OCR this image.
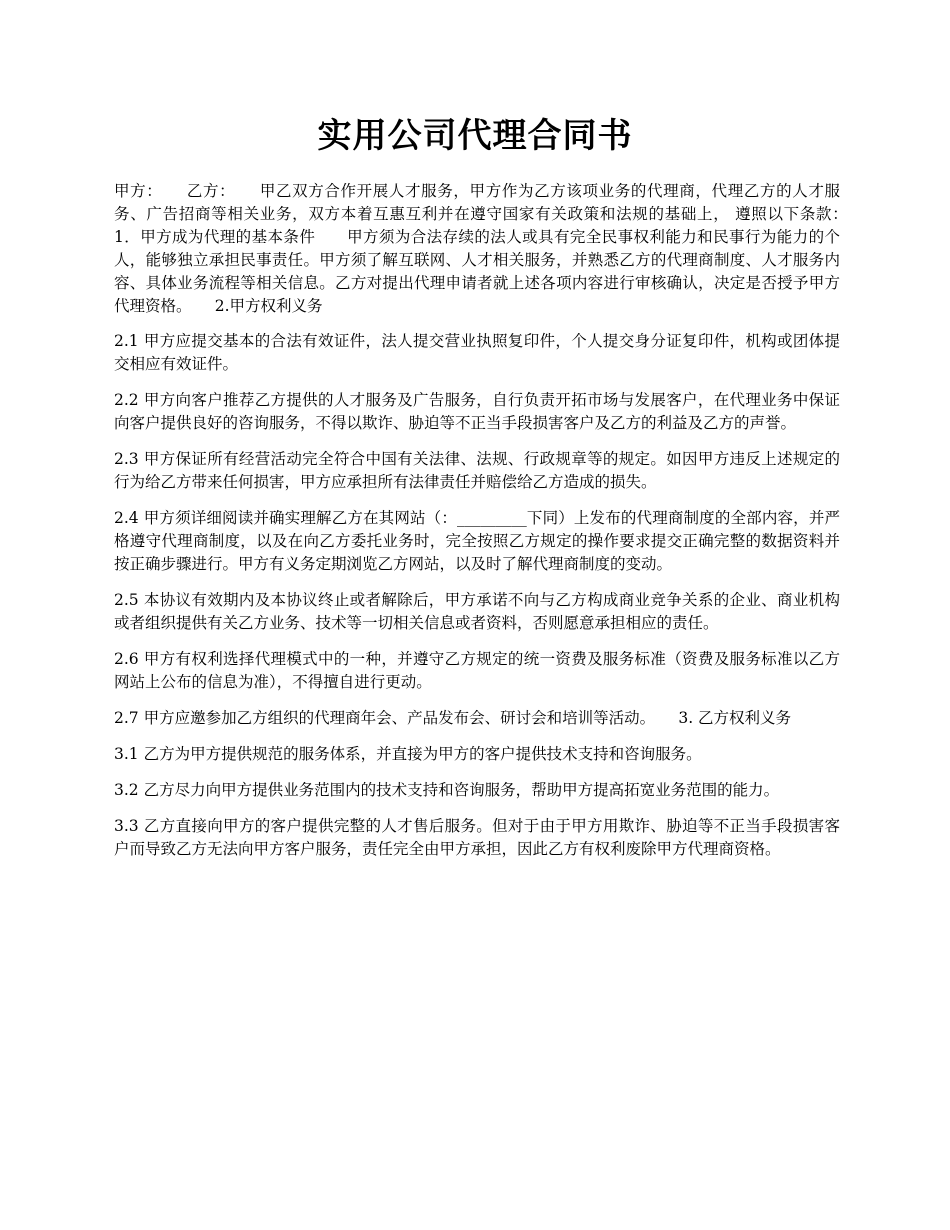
实用公司代理合同书

甲方：　　乙方：　　甲乙双方合作开展人才服务，甲方作为乙方该项业务的代理商，代理乙方的人才服务、广告招商等相关业务，双方本着互惠互利并在遵守国家有关政策和法规的基础上， 遵照以下条款：　　1．甲方成为代理的基本条件　　甲方须为合法存续的法人或具有完全民事权利能力和民事行为能力的个人，能够独立承担民事责任。甲方须了解互联网、人才相关服务，并熟悉乙方的代理商制度、人才服务内容、具体业务流程等相关信息。乙方对提出代理申请者就上述各项内容进行审核确认，决定是否授予甲方代理资格。　　2.甲方权利义务

2.1 甲方应提交基本的合法有效证件，法人提交营业执照复印件，个人提交身分证复印件，机构或团体提交相应有效证件。

2.2 甲方向客户推荐乙方提供的人才服务及广告服务，自行负责开拓市场与发展客户，在代理业务中保证向客户提供良好的咨询服务，不得以欺诈、胁迫等不正当手段损害客户及乙方的利益及乙方的声誉。

2.3 甲方保证所有经营活动完全符合中国有关法律、法规、行政规章等的规定。如因甲方违反上述规定的行为给乙方带来任何损害，甲方应承担所有法律责任并赔偿给乙方造成的损失。

2.4 甲方须详细阅读并确实理解乙方在其网站（：_________下同）上发布的代理商制度的全部内容，并严格遵守代理商制度，以及在向乙方委托业务时，完全按照乙方规定的操作要求提交正确完整的数据资料并按正确步骤进行。甲方有义务定期浏览乙方网站，以及时了解代理商制度的变动。

2.5 本协议有效期内及本协议终止或者解除后，甲方承诺不向与乙方构成商业竞争关系的企业、商业机构或者组织提供有关乙方业务、技术等一切相关信息或者资料，否则愿意承担相应的责任。

2.6 甲方有权利选择代理模式中的一种，并遵守乙方规定的统一资费及服务标准（资费及服务标准以乙方网站上公布的信息为准），不得擅自进行更动。

2.7 甲方应邀参加乙方组织的代理商年会、产品发布会、研讨会和培训等活动。　　3. 乙方权利义务

3.1 乙方为甲方提供规范的服务体系，并直接为甲方的客户提供技术支持和咨询服务。

3.2 乙方尽力向甲方提供业务范围内的技术支持和咨询服务，帮助甲方提高拓宽业务范围的能力。

3.3 乙方直接向甲方的客户提供完整的人才售后服务。但对于由于甲方用欺诈、胁迫等不正当手段损害客户而导致乙方无法向甲方客户服务，责任完全由甲方承担，因此乙方有权利废除甲方代理商资格。
